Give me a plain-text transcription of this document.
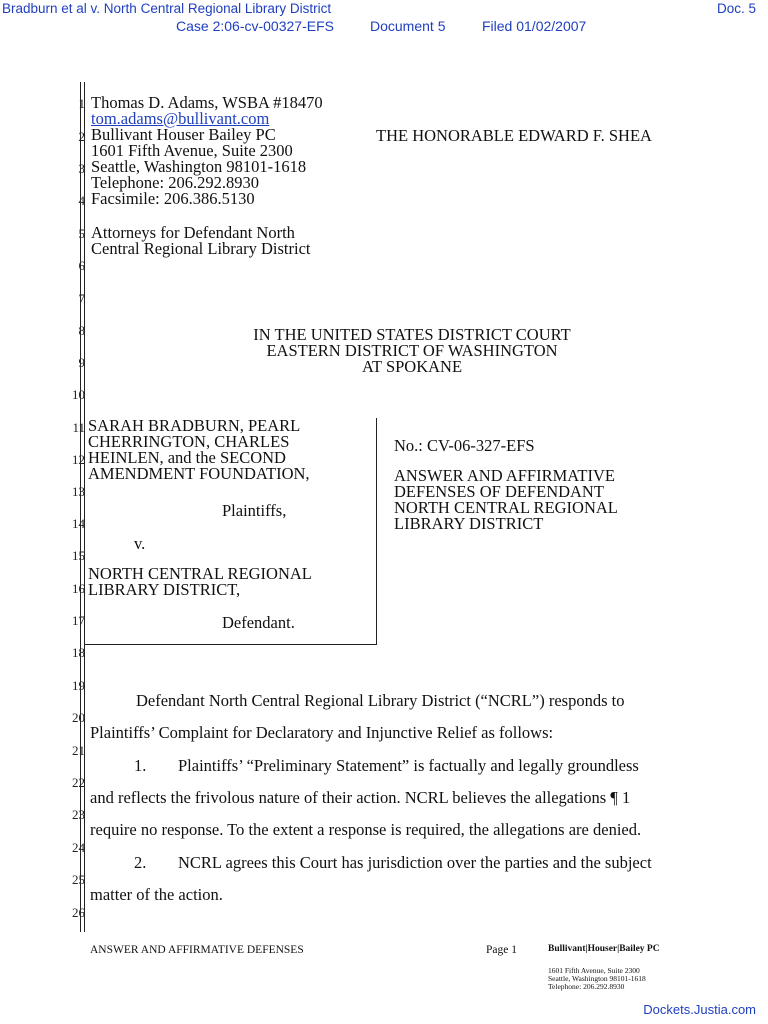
Bradburn et al v. North Central Regional Library District	Doc. 5
Case 2:06-cv-00327-EFS	Document 5	Filed 01/02/2007
1
2
3
4
5
6
7
8
9
10
11
12
13
14
15
16
17
18
19
20
21
22
23
24
25
26
Thomas D. Adams, WSBA #18470
tom.adams@bullivant.com
Bullivant Houser Bailey PC
1601 Fifth Avenue, Suite 2300
Seattle, Washington 98101-1618
Telephone: 206.292.8930
Facsimile: 206.386.5130
Attorneys for Defendant North
Central Regional Library District
THE HONORABLE EDWARD F. SHEA
IN THE UNITED STATES DISTRICT COURT
EASTERN DISTRICT OF WASHINGTON
AT SPOKANE
SARAH BRADBURN, PEARL
CHERRINGTON, CHARLES
HEINLEN, and the SECOND
AMENDMENT FOUNDATION,
Plaintiffs,
v.
NORTH CENTRAL REGIONAL
LIBRARY DISTRICT,
Defendant.
No.: CV-06-327-EFS
ANSWER AND AFFIRMATIVE
DEFENSES OF DEFENDANT
NORTH CENTRAL REGIONAL
LIBRARY DISTRICT
Defendant North Central Regional Library District (“NCRL”) responds to
Plaintiffs’ Complaint for Declaratory and Injunctive Relief as follows:
1. Plaintiffs’ “Preliminary Statement” is factually and legally groundless
and reflects the frivolous nature of their action. NCRL believes the allegations ¶ 1
require no response. To the extent a response is required, the allegations are denied.
2. NCRL agrees this Court has jurisdiction over the parties and the subject
matter of the action.
ANSWER AND AFFIRMATIVE DEFENSES	Page 1	Bullivant|Houser|Bailey PC
1601 Fifth Avenue, Suite 2300
Seattle, Washington 98101-1618
Telephone: 206.292.8930
Dockets.Justia.com
